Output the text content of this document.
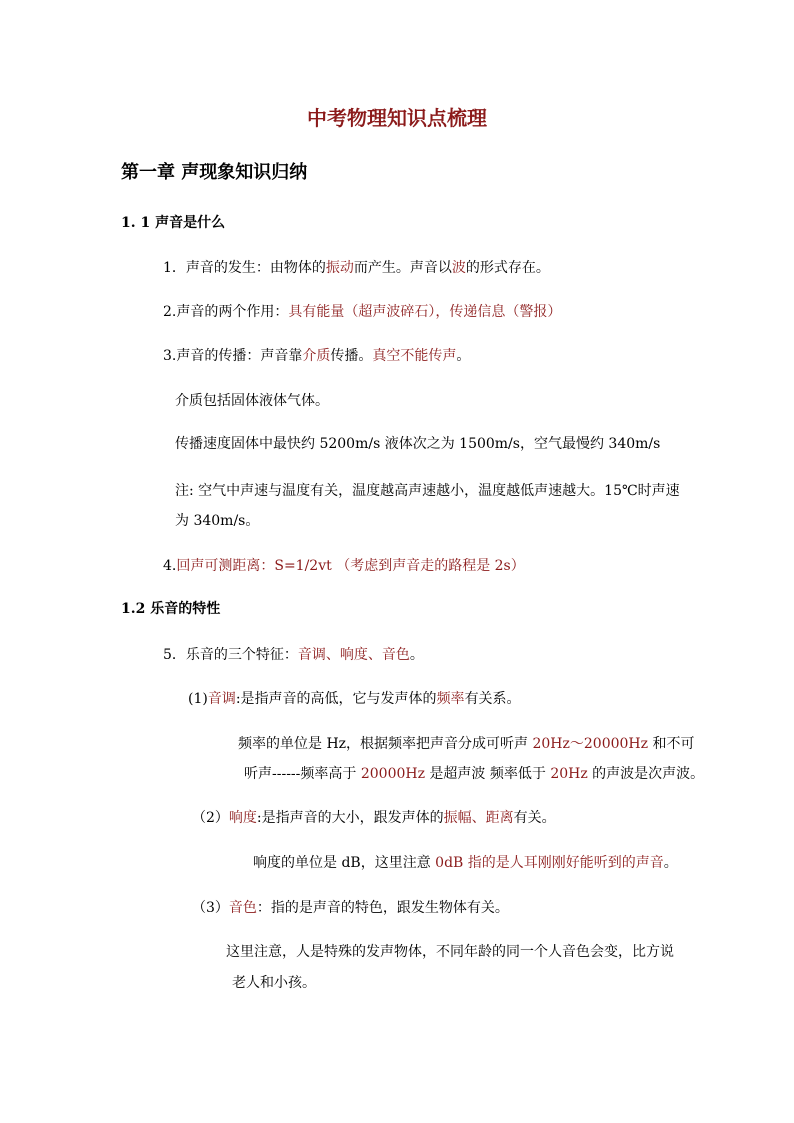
中考物理知识点梳理
第一章 声现象知识归纳
1. 1 声音是什么
1．声音的发生：由物体的振动而产生。声音以波的形式存在。
2.声音的两个作用：具有能量（超声波碎石），传递信息（警报）
3.声音的传播：声音靠介质传播。真空不能传声。
介质包括固体液体气体。
传播速度固体中最快约 5200m/s 液体次之为 1500m/s，空气最慢约 340m/s
注: 空气中声速与温度有关，温度越高声速越小，温度越低声速越大。15℃时声速
为 340m/s。
4.回声可测距离：S=1/2vt （考虑到声音走的路程是 2s）
1.2 乐音的特性
5．乐音的三个特征：音调、响度、音色。
(1)音调:是指声音的高低，它与发声体的频率有关系。
频率的单位是 Hz，根据频率把声音分成可听声 20Hz～20000Hz 和不可
听声------频率高于 20000Hz 是超声波 频率低于 20Hz 的声波是次声波。
（2）响度:是指声音的大小，跟发声体的振幅、距离有关。
响度的单位是 dB，这里注意 0dB 指的是人耳刚刚好能听到的声音。
（3）音色：指的是声音的特色，跟发生物体有关。
这里注意，人是特殊的发声物体，不同年龄的同一个人音色会变，比方说
老人和小孩。
